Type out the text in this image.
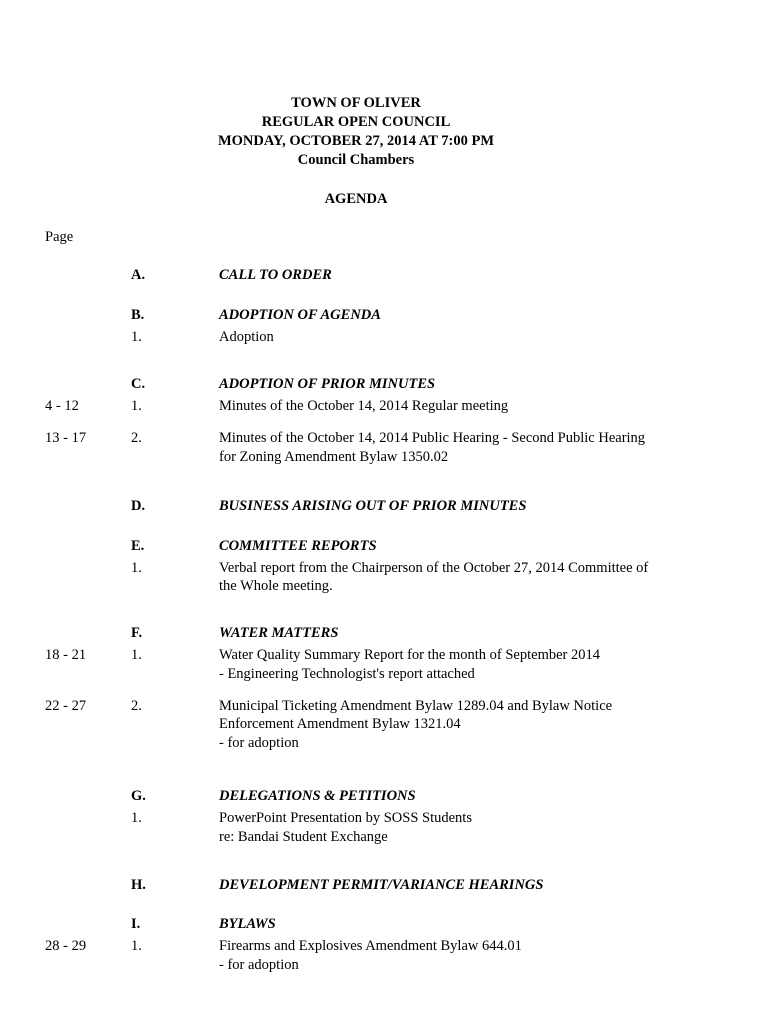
TOWN OF OLIVER
REGULAR OPEN COUNCIL
MONDAY, OCTOBER 27, 2014 AT 7:00 PM
Council Chambers
AGENDA
Page
A.	CALL TO ORDER
B.	ADOPTION OF AGENDA
1.	Adoption
C.	ADOPTION OF PRIOR MINUTES
4 - 12	1.	Minutes of the October 14, 2014 Regular meeting
13 - 17	2.	Minutes of the October 14, 2014 Public Hearing - Second Public Hearing
for Zoning Amendment Bylaw 1350.02
D.	BUSINESS ARISING OUT OF PRIOR MINUTES
E.	COMMITTEE REPORTS
1.	Verbal report from the Chairperson of the October 27, 2014 Committee of
the Whole meeting.
F.	WATER MATTERS
18 - 21	1.	Water Quality Summary Report for the month of September 2014
- Engineering Technologist's report attached
22 - 27	2.	Municipal Ticketing Amendment Bylaw 1289.04 and Bylaw Notice
Enforcement Amendment Bylaw 1321.04
- for adoption
G.	DELEGATIONS & PETITIONS
1.	PowerPoint Presentation by SOSS Students
re: Bandai Student Exchange
H.	DEVELOPMENT PERMIT/VARIANCE HEARINGS
I.	BYLAWS
28 - 29	1.	Firearms and Explosives Amendment Bylaw 644.01
- for adoption
